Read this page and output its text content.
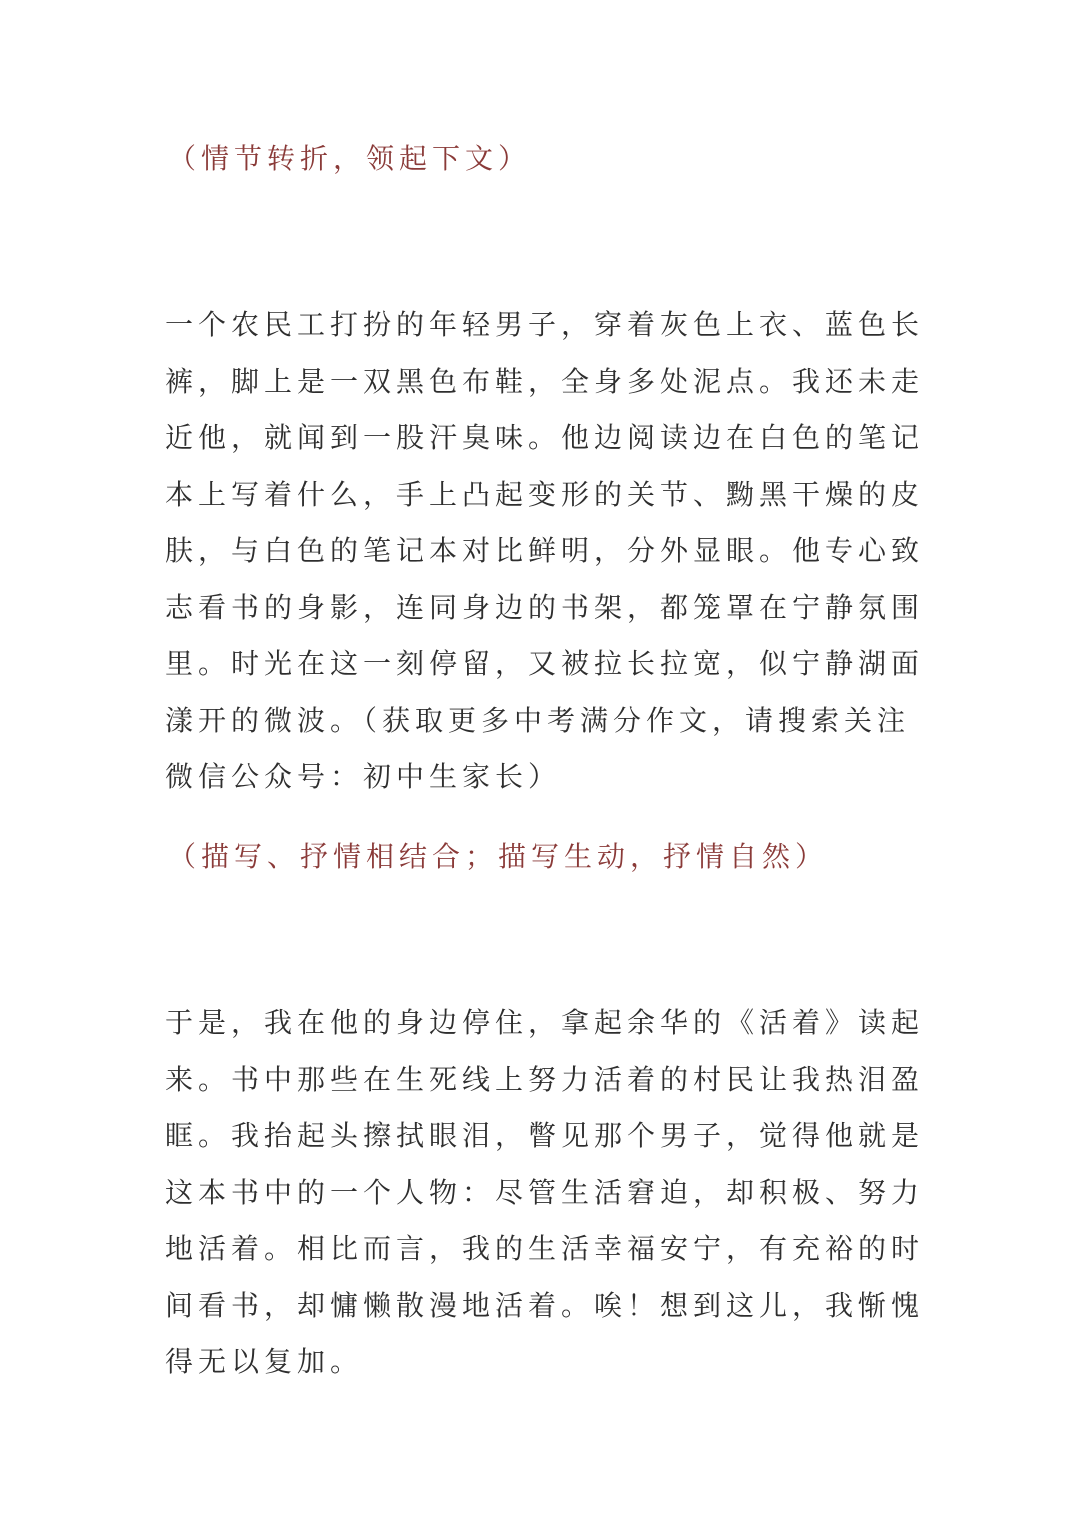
（情节转折，领起下文）

一个农民工打扮的年轻男子，穿着灰色上衣、蓝色长
裤，脚上是一双黑色布鞋，全身多处泥点。我还未走
近他，就闻到一股汗臭味。他边阅读边在白色的笔记
本上写着什么，手上凸起变形的关节、黝黑干燥的皮
肤，与白色的笔记本对比鲜明，分外显眼。他专心致
志看书的身影，连同身边的书架，都笼罩在宁静氛围
里。时光在这一刻停留，又被拉长拉宽，似宁静湖面
漾开的微波。（获取更多中考满分作文，请搜索关注
微信公众号：初中生家长）

（描写、抒情相结合；描写生动，抒情自然）

于是，我在他的身边停住，拿起余华的《活着》读起
来。书中那些在生死线上努力活着的村民让我热泪盈
眶。我抬起头擦拭眼泪，瞥见那个男子，觉得他就是
这本书中的一个人物：尽管生活窘迫，却积极、努力
地活着。相比而言，我的生活幸福安宁，有充裕的时
间看书，却慵懒散漫地活着。唉！想到这儿，我惭愧
得无以复加。
